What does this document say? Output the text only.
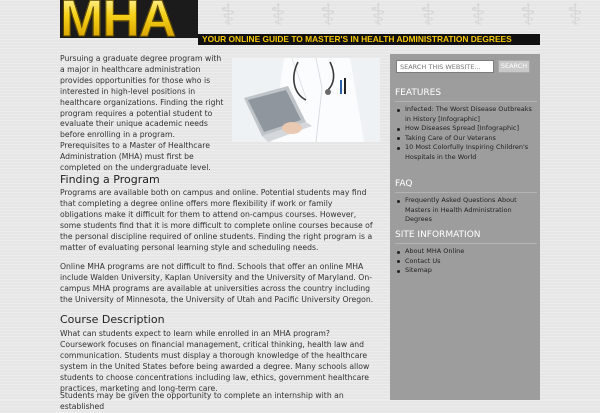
⚕	⚕	⚕	⚕	⚕	⚕	⚕	⚕
MHA	YOUR ONLINE GUIDE TO MASTER'S IN HEALTH ADMINISTRATION DEGREES

Pursuing a graduate degree program with a major in healthcare administration provides opportunities for those who is interested in high-level positions in healthcare organizations. Finding the right program requires a potential student to evaluate their unique academic needs before enrolling in a program. Prerequisites to a Master of Healthcare Administration (MHA) must first be completed on the undergraduate level.

Finding a Program

Programs are available both on campus and online. Potential students may find that completing a degree online offers more flexibility if work or family obligations make it difficult for them to attend on-campus courses. However, some students find that it is more difficult to complete online courses because of the personal discipline required of online students. Finding the right program is a matter of evaluating personal learning style and scheduling needs.

Online MHA programs are not difficult to find. Schools that offer an online MHA include Walden University, Kaplan University and the University of Maryland. On-campus MHA programs are available at universities across the country including the University of Minnesota, the University of Utah and Pacific University Oregon.

Course Description

What can students expect to learn while enrolled in an MHA program? Coursework focuses on financial management, critical thinking, health law and communication. Students must display a thorough knowledge of the healthcare system in the United States before being awarded a degree. Many schools allow students to choose concentrations including law, ethics, government healthcare practices, marketing and long-term care.

Students may be given the opportunity to complete an internship with an established

SEARCH THIS WEBSITE...
SEARCH
FEATURES
Infected: The Worst Disease Outbreaks in History [Infographic]
How Diseases Spread [Infographic]
Taking Care of Our Veterans
10 Most Colorfully Inspiring Children's Hospitals in the World
FAQ
Frequently Asked Questions About Masters in Health Administration Degrees
SITE INFORMATION
About MHA Online
Contact Us
Sitemap
